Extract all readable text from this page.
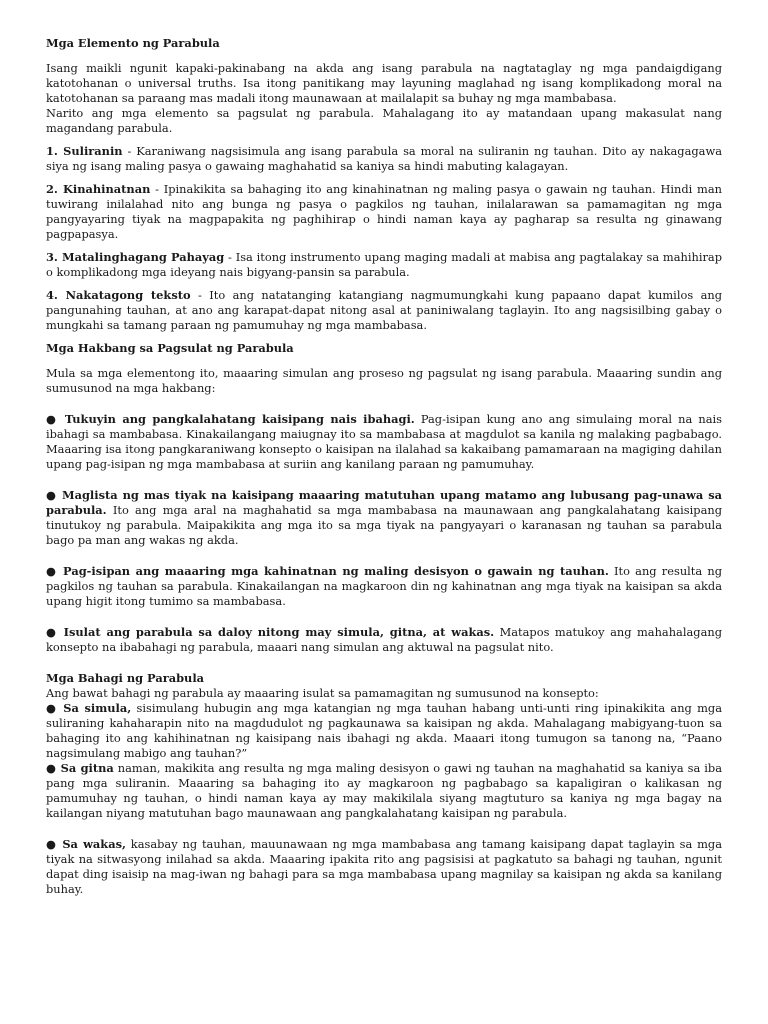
Mga Elemento ng Parabula

Isang maikli ngunit kapaki-pakinabang na akda ang isang parabula na nagtataglay ng mga pandaigdigang katotohanan o universal truths. Isa itong panitikang may layuning maglahad ng isang komplikadong moral na katotohanan sa paraang mas madali itong maunawaan at mailalapit sa buhay ng mga mambabasa.

Narito ang mga elemento sa pagsulat ng parabula. Mahalagang ito ay matandaan upang makasulat nang magandang parabula.

1. Suliranin - Karaniwang nagsisimula ang isang parabula sa moral na suliranin ng tauhan. Dito ay nakagagawa siya ng isang maling pasya o gawaing maghahatid sa kaniya sa hindi mabuting kalagayan.

2. Kinahinatnan - Ipinakikita sa bahaging ito ang kinahinatnan ng maling pasya o gawain ng tauhan. Hindi man tuwirang inilalahad nito ang bunga ng pasya o pagkilos ng tauhan, inilalarawan sa pamamagitan ng mga pangyayaring tiyak na magpapakita ng paghihirap o hindi naman kaya ay pagharap sa resulta ng ginawang pagpapasya.

3. Matalinghagang Pahayag - Isa itong instrumento upang maging madali at mabisa ang pagtalakay sa mahihirap o komplikadong mga ideyang nais bigyang-pansin sa parabula.

4. Nakatagong teksto - Ito ang natatanging katangiang nagmumungkahi kung papaano dapat kumilos ang pangunahing tauhan, at ano ang karapat-dapat nitong asal at paniniwalang taglayin. Ito ang nagsisilbing gabay o mungkahi sa tamang paraan ng pamumuhay ng mga mambabasa.

Mga Hakbang sa Pagsulat ng Parabula

Mula sa mga elementong ito, maaaring simulan ang proseso ng pagsulat ng isang parabula. Maaaring sundin ang sumusunod na mga hakbang:

● Tukuyin ang pangkalahatang kaisipang nais ibahagi. Pag-isipan kung ano ang simulaing moral na nais ibahagi sa mambabasa. Kinakailangang maiugnay ito sa mambabasa at magdulot sa kanila ng malaking pagbabago. Maaaring isa itong pangkaraniwang konsepto o kaisipan na ilalahad sa kakaibang pamamaraan na magiging dahilan upang pag-isipan ng mga mambabasa at suriin ang kanilang paraan ng pamumuhay.

● Maglista ng mas tiyak na kaisipang maaaring matutuhan upang matamo ang lubusang pag-unawa sa parabula. Ito ang mga aral na maghahatid sa mga mambabasa na maunawaan ang pangkalahatang kaisipang tinutukoy ng parabula. Maipakikita ang mga ito sa mga tiyak na pangyayari o karanasan ng tauhan sa parabula bago pa man ang wakas ng akda.

● Pag-isipan ang maaaring mga kahinatnan ng maling desisyon o gawain ng tauhan. Ito ang resulta ng pagkilos ng tauhan sa parabula. Kinakailangan na magkaroon din ng kahinatnan ang mga tiyak na kaisipan sa akda upang higit itong tumimo sa mambabasa.

● Isulat ang parabula sa daloy nitong may simula, gitna, at wakas. Matapos matukoy ang mahahalagang konsepto na ibabahagi ng parabula, maaari nang simulan ang aktuwal na pagsulat nito.

Mga Bahagi ng Parabula

Ang bawat bahagi ng parabula ay maaaring isulat sa pamamagitan ng sumusunod na konsepto:

● Sa simula, sisimulang hubugin ang mga katangian ng mga tauhan habang unti-unti ring ipinakikita ang mga suliraning kahaharapin nito na magdudulot ng pagkaunawa sa kaisipan ng akda. Mahalagang mabigyang-tuon sa bahaging ito ang kahihinatnan ng kaisipang nais ibahagi ng akda. Maaari itong tumugon sa tanong na, “Paano nagsimulang mabigo ang tauhan?”

● Sa gitna naman, makikita ang resulta ng mga maling desisyon o gawi ng tauhan na maghahatid sa kaniya sa iba pang mga suliranin. Maaaring sa bahaging ito ay magkaroon ng pagbabago sa kapaligiran o kalikasan ng pamumuhay ng tauhan, o hindi naman kaya ay may makikilala siyang magtuturo sa kaniya ng mga bagay na kailangan niyang matutuhan bago maunawaan ang pangkalahatang kaisipan ng parabula.

● Sa wakas, kasabay ng tauhan, mauunawaan ng mga mambabasa ang tamang kaisipang dapat taglayin sa mga tiyak na sitwasyong inilahad sa akda. Maaaring ipakita rito ang pagsisisi at pagkatuto sa bahagi ng tauhan, ngunit dapat ding isaisip na mag-iwan ng bahagi para sa mga mambabasa upang magnilay sa kaisipan ng akda sa kanilang buhay.
